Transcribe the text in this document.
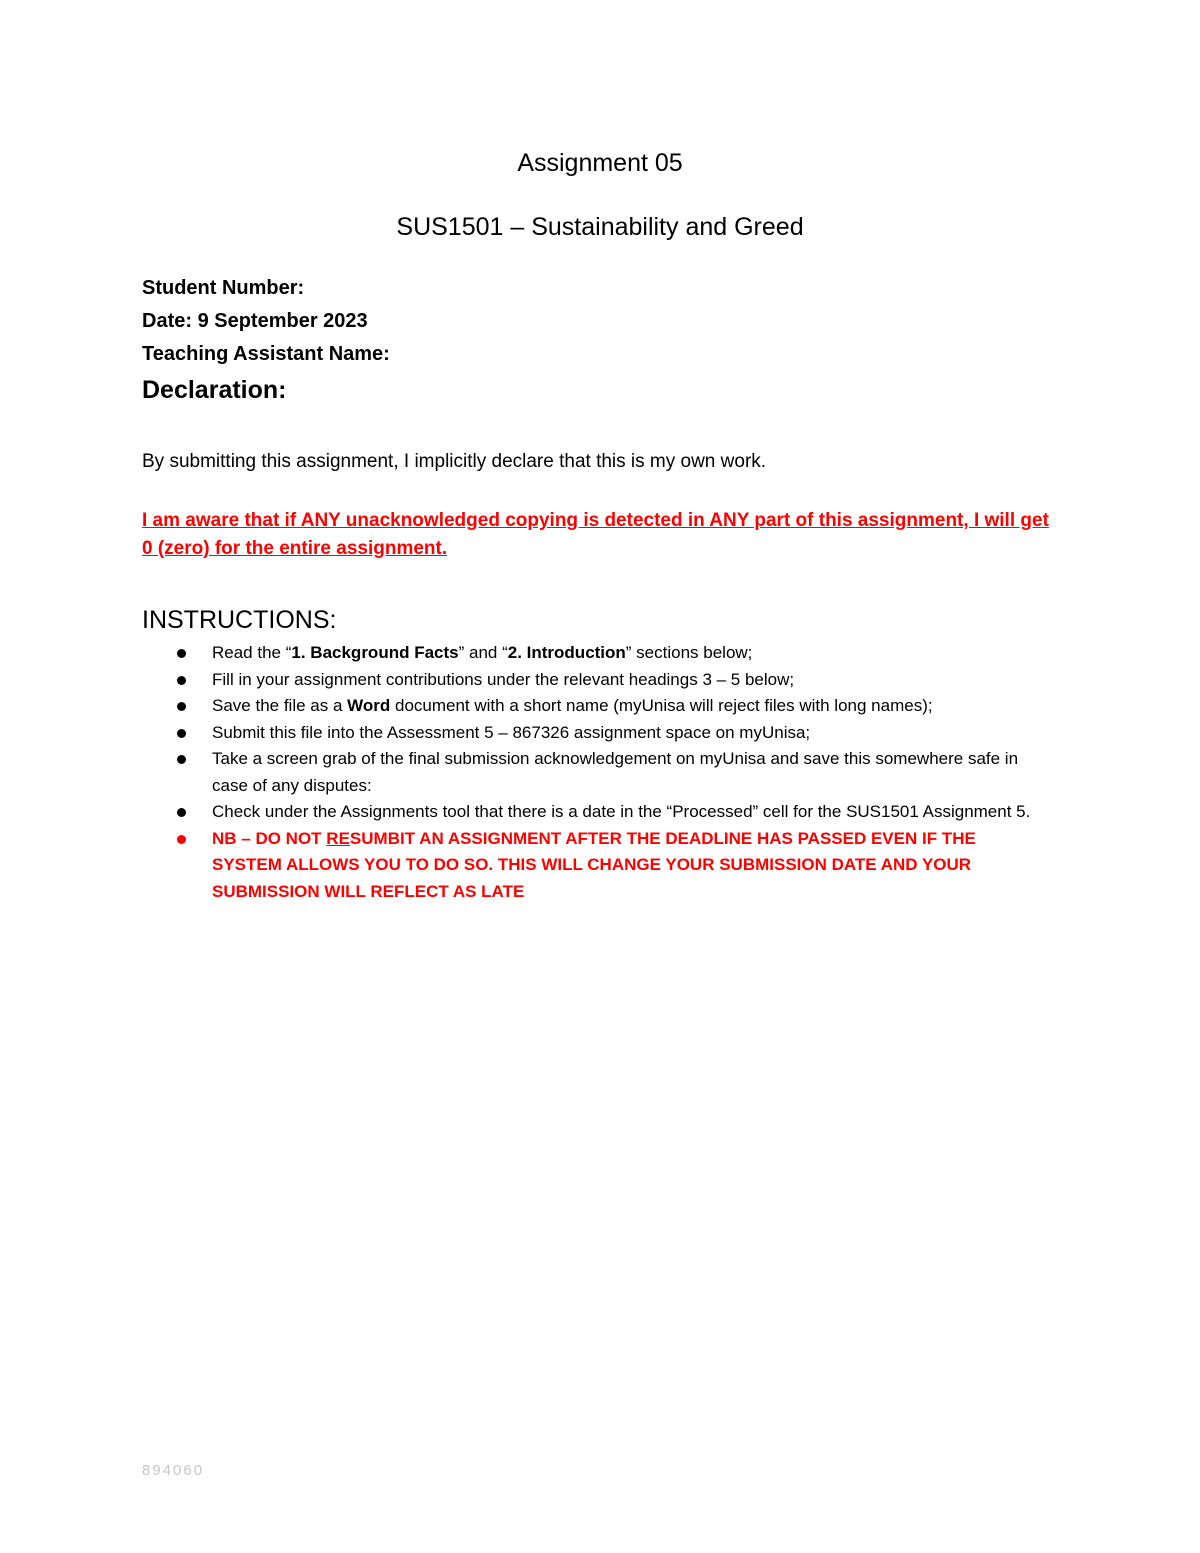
Assignment 05
SUS1501 – Sustainability and Greed
Student Number:
Date: 9 September 2023
Teaching Assistant Name:
Declaration:
By submitting this assignment, I implicitly declare that this is my own work.
I am aware that if ANY unacknowledged copying is detected in ANY part of this assignment, I will get 0 (zero) for the entire assignment.
INSTRUCTIONS:
Read the “1. Background Facts” and “2. Introduction” sections below;
Fill in your assignment contributions under the relevant headings 3 – 5 below;
Save the file as a Word document with a short name (myUnisa will reject files with long names);
Submit this file into the Assessment 5 – 867326 assignment space on myUnisa;
Take a screen grab of the final submission acknowledgement on myUnisa and save this somewhere safe in case of any disputes:
Check under the Assignments tool that there is a date in the “Processed” cell for the SUS1501 Assignment 5.
NB – DO NOT RESUMBIT AN ASSIGNMENT AFTER THE DEADLINE HAS PASSED EVEN IF THE SYSTEM ALLOWS YOU TO DO SO. THIS WILL CHANGE YOUR SUBMISSION DATE AND YOUR SUBMISSION WILL REFLECT AS LATE
894060
